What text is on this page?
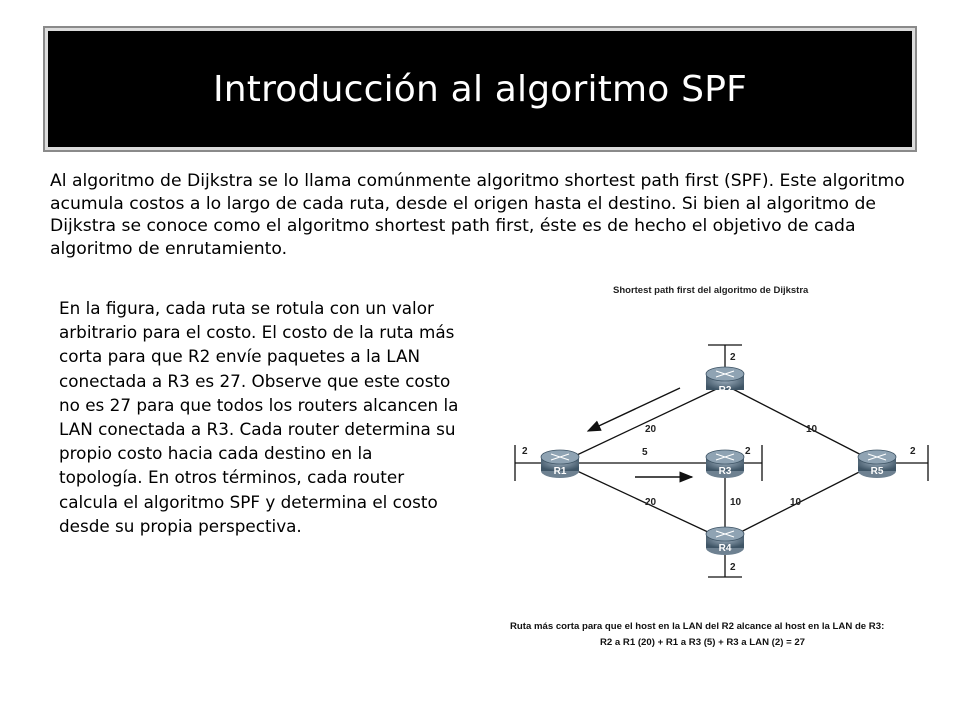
Introducción al algoritmo SPF

Al algoritmo de Dijkstra se lo llama comúnmente algoritmo shortest path first (SPF). Este algoritmo acumula costos a lo largo de cada ruta, desde el origen hasta el destino. Si bien al algoritmo de Dijkstra se conoce como el algoritmo shortest path first, éste es de hecho el objetivo de cada algoritmo de enrutamiento.

En la figura, cada ruta se rotula con un valor arbitrario para el costo. El costo de la ruta más corta para que R2 envíe paquetes a la LAN conectada a R3 es 27. Observe que este costo no es 27 para que todos los routers alcancen la LAN conectada a R3. Cada router determina su propio costo hacia cada destino en la topología. En otros términos, cada router calcula el algoritmo SPF y determina el costo desde su propia perspectiva.

Shortest path first del algoritmo de Dijkstra

R2
R1	R3	R5
R4
2
2	2	2
2
20	10
5
20	10	10

Ruta más corta para que el host en la LAN del R2 alcance al host en la LAN de R3:

R2 a R1 (20) + R1 a R3 (5) + R3 a LAN (2) = 27
